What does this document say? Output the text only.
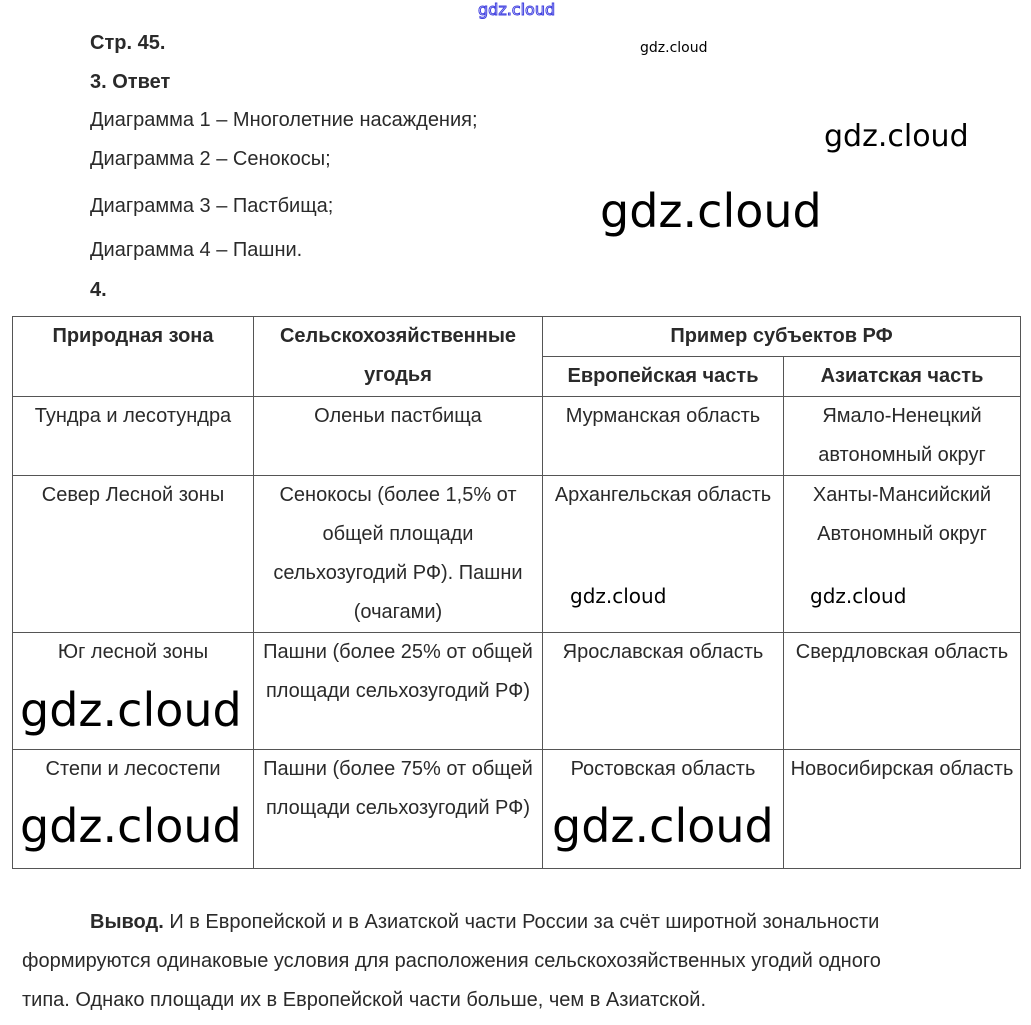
Стр. 45.
3. Ответ
Диаграмма 1 – Многолетние насаждения;
Диаграмма 2 – Сенокосы;
Диаграмма 3 – Пастбища;
Диаграмма 4 – Пашни.
4.
Природная зона	Сельскохозяйственные угодья	Пример субъектов РФ	
		Европейская часть	Азиатская часть
Тундра и лесотундра	Оленьи пастбища	Мурманская область	Ямало-Ненецкий автономный округ
Север Лесной зоны	Сенокосы (более 1,5% от общей площади сельхозугодий РФ). Пашни (очагами)	Архангельская область	Ханты-Мансийский Автономный округ
Юг лесной зоны	Пашни (более 25% от общей площади сельхозугодий РФ)	Ярославская область	Свердловская область
Степи и лесостепи	Пашни (более 75% от общей площади сельхозугодий РФ)	Ростовская область	Новосибирская область

Вывод. И в Европейской и в Азиатской части России за счёт широтной зональности

формируются одинаковые условия для расположения сельскохозяйственных угодий одного

типа. Однако площади их в Европейской части больше, чем в Азиатской.

gdz.cloud
gdz.cloud
gdz.cloud
gdz.cloud
gdz.cloud
gdz.cloud
gdz.cloud
gdz.cloud	gdz.cloud
